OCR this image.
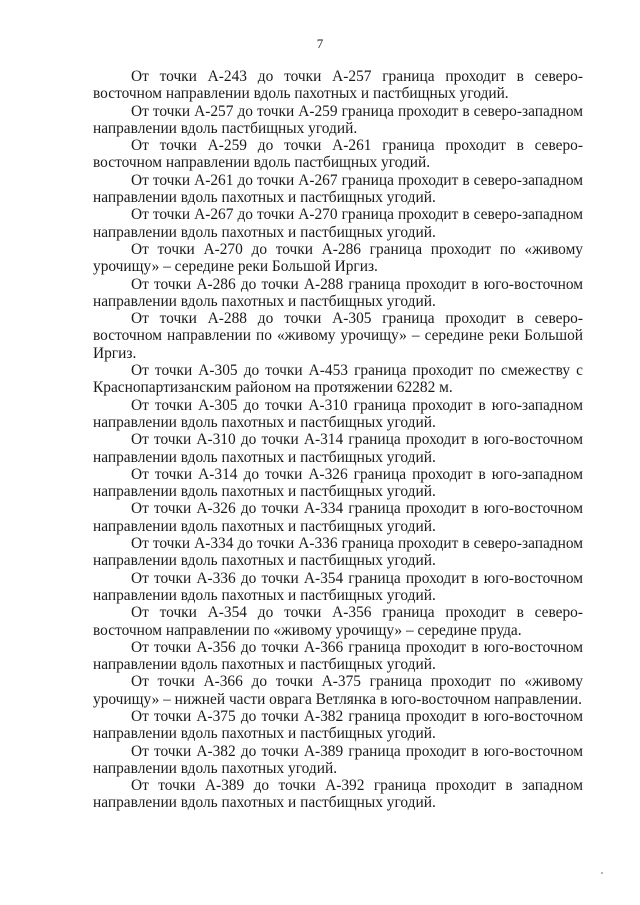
7

От точки А-243 до точки А-257 граница проходит в северо-восточном направлении вдоль пахотных и пастбищных угодий.

От точки А-257 до точки А-259 граница проходит в северо-западном направлении вдоль пастбищных угодий.

От точки А-259 до точки А-261 граница проходит в северо-восточном направлении вдоль пастбищных угодий.

От точки А-261 до точки А-267 граница проходит в северо-западном направлении вдоль пахотных и пастбищных угодий.

От точки А-267 до точки А-270 граница проходит в северо-западном направлении вдоль пахотных и пастбищных угодий.

От точки А-270 до точки А-286 граница проходит по «живому урочищу» – середине реки Большой Иргиз.

От точки А-286 до точки А-288 граница проходит в юго-восточном направлении вдоль пахотных и пастбищных угодий.

От точки А-288 до точки А-305 граница проходит в северо-восточном направлении по «живому урочищу» – середине реки Большой Иргиз.

От точки А-305 до точки А-453 граница проходит по смежеству с Краснопартизанским районом на протяжении 62282 м.

От точки А-305 до точки А-310 граница проходит в юго-западном направлении вдоль пахотных и пастбищных угодий.

От точки А-310 до точки А-314 граница проходит в юго-восточном направлении вдоль пахотных и пастбищных угодий.

От точки А-314 до точки А-326 граница проходит в юго-западном направлении вдоль пахотных и пастбищных угодий.

От точки А-326 до точки А-334 граница проходит в юго-восточном направлении вдоль пахотных и пастбищных угодий.

От точки А-334 до точки А-336 граница проходит в северо-западном направлении вдоль пахотных и пастбищных угодий.

От точки А-336 до точки А-354 граница проходит в юго-восточном направлении вдоль пахотных и пастбищных угодий.

От точки А-354 до точки А-356 граница проходит в северо-восточном направлении по «живому урочищу» – середине пруда.

От точки А-356 до точки А-366 граница проходит в юго-восточном направлении вдоль пахотных и пастбищных угодий.

От точки А-366 до точки А-375 граница проходит по «живому урочищу» – нижней части оврага Ветлянка в юго-восточном направлении.

От точки А-375 до точки А-382 граница проходит в юго-восточном направлении вдоль пахотных и пастбищных угодий.

От точки А-382 до точки А-389 граница проходит в юго-восточном направлении вдоль пахотных угодий.

От точки А-389 до точки А-392 граница проходит в западном направлении вдоль пахотных и пастбищных угодий.
